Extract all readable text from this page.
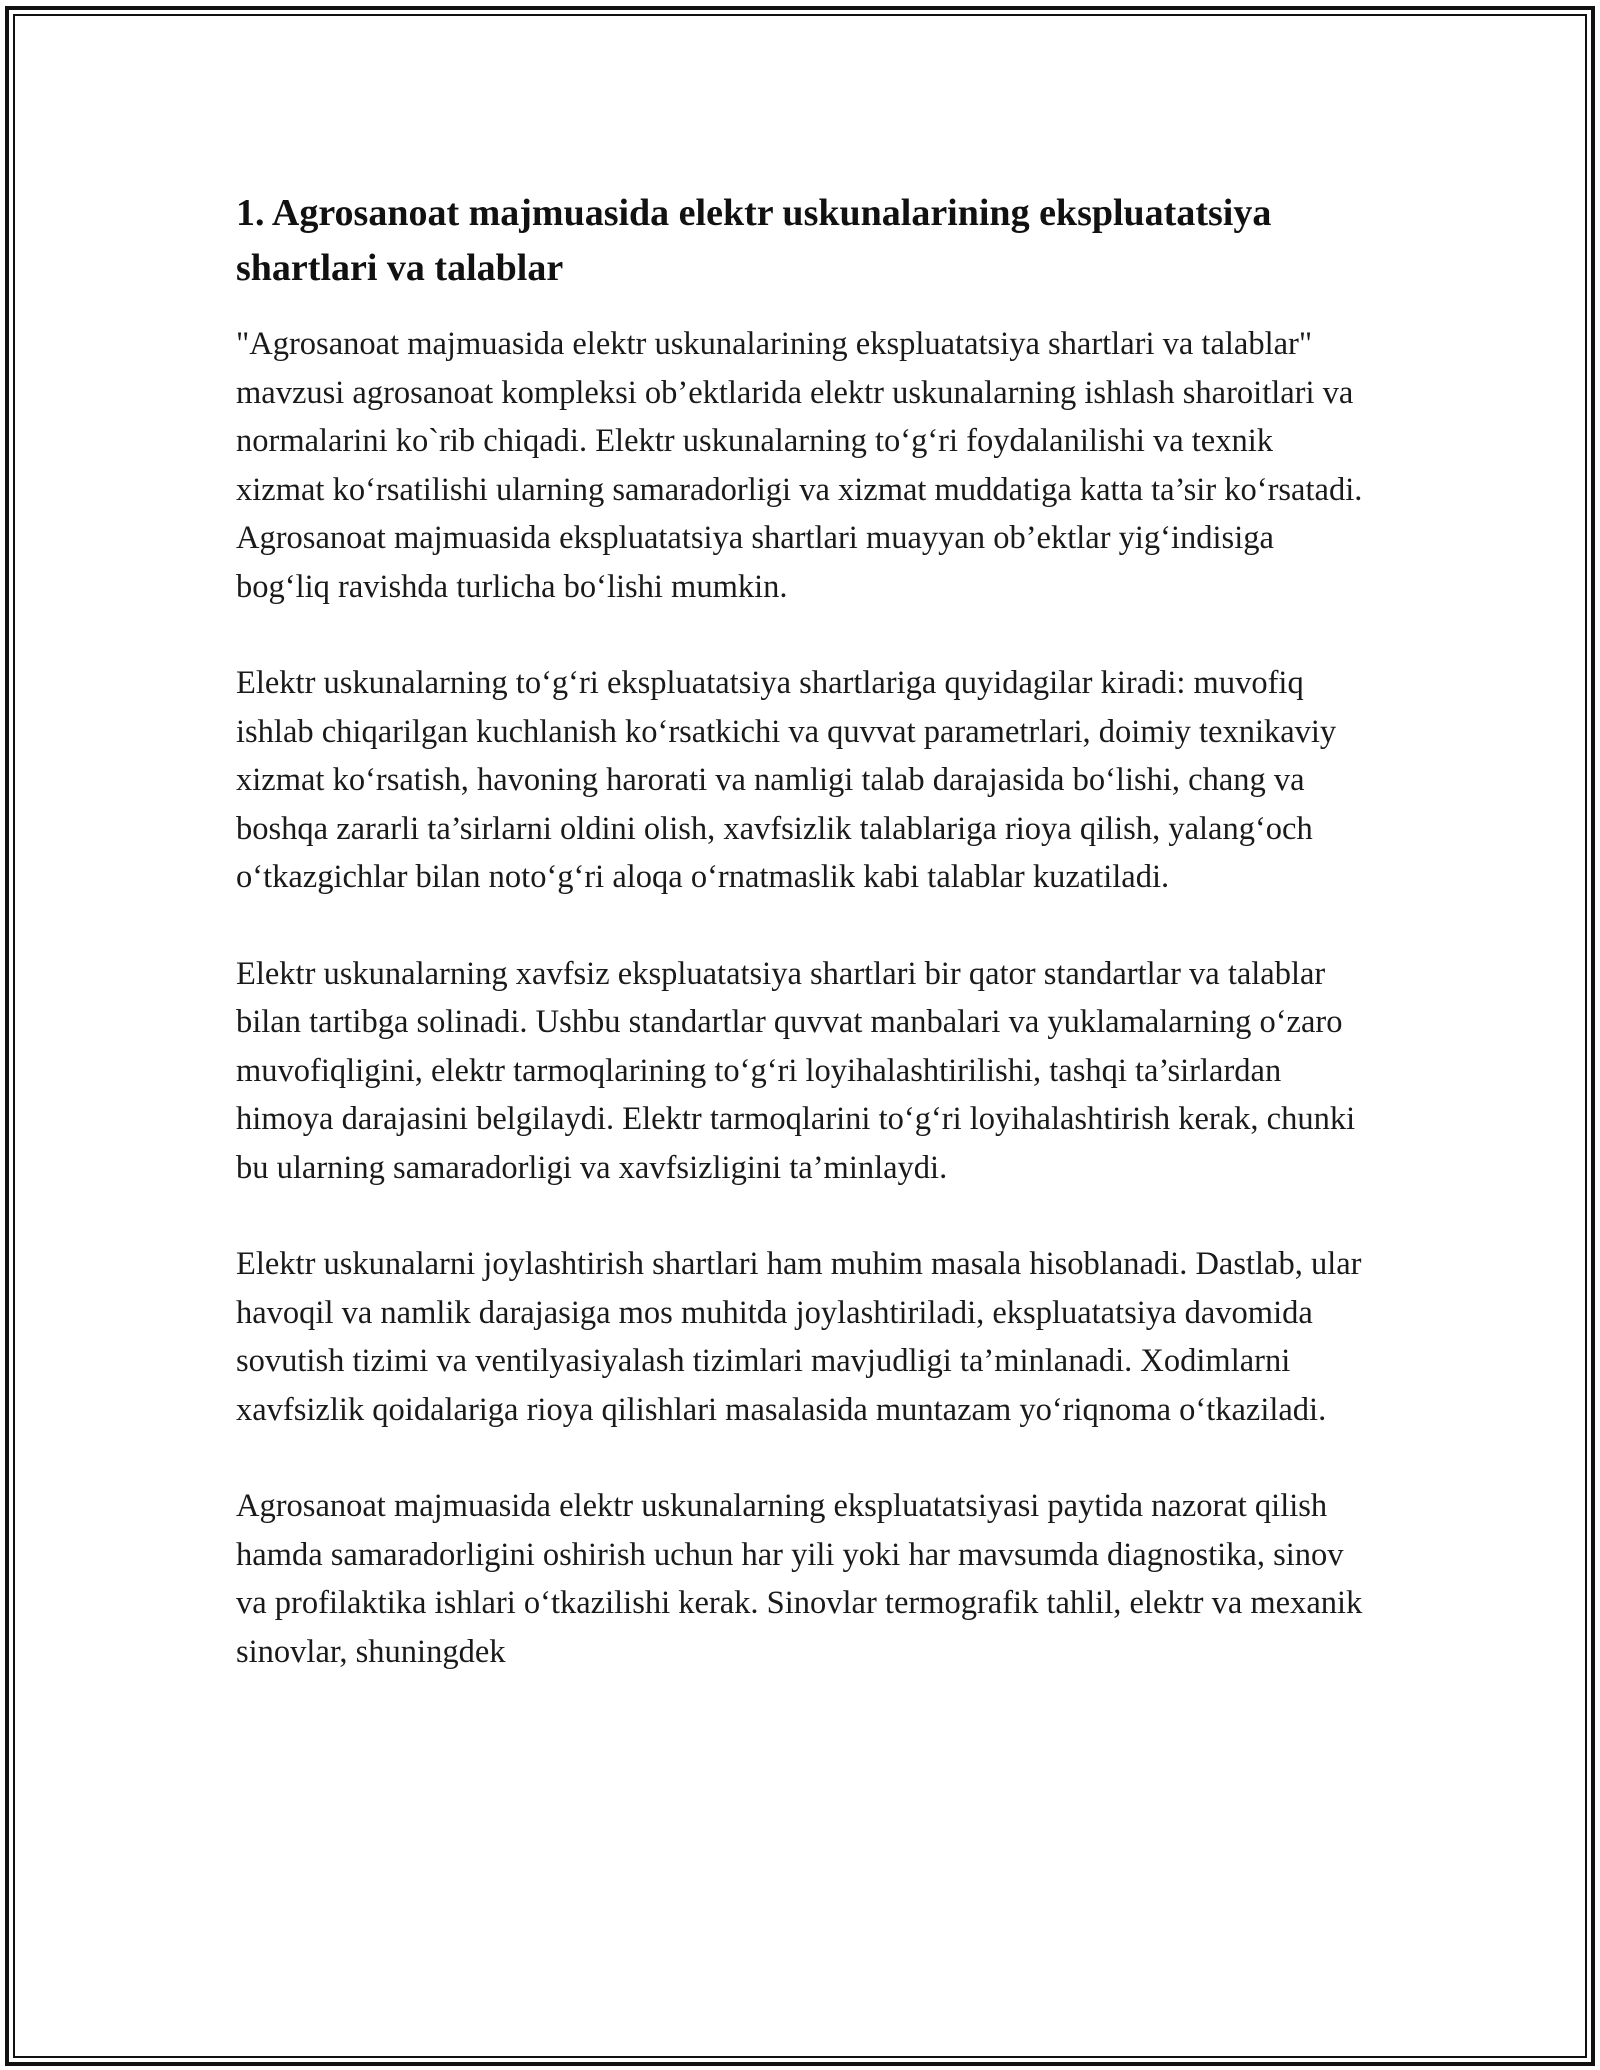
1. Agrosanoat majmuasida elektr uskunalarining ekspluatatsiya shartlari va talablar

"Agrosanoat majmuasida elektr uskunalarining ekspluatatsiya shartlari va talablar" mavzusi agrosanoat kompleksi ob’ektlarida elektr uskunalarning ishlash sharoitlari va normalarini ko`rib chiqadi. Elektr uskunalarning to‘g‘ri foydalanilishi va texnik xizmat ko‘rsatilishi ularning samaradorligi va xizmat muddatiga katta ta’sir ko‘rsatadi. Agrosanoat majmuasida ekspluatatsiya shartlari muayyan ob’ektlar yig‘indisiga bog‘liq ravishda turlicha bo‘lishi mumkin.

Elektr uskunalarning to‘g‘ri ekspluatatsiya shartlariga quyidagilar kiradi: muvofiq ishlab chiqarilgan kuchlanish ko‘rsatkichi va quvvat parametrlari, doimiy texnikaviy xizmat ko‘rsatish, havoning harorati va namligi talab darajasida bo‘lishi, chang va boshqa zararli ta’sirlarni oldini olish, xavfsizlik talablariga rioya qilish, yalang‘och o‘tkazgichlar bilan noto‘g‘ri aloqa o‘rnatmaslik kabi talablar kuzatiladi.

Elektr uskunalarning xavfsiz ekspluatatsiya shartlari bir qator standartlar va talablar bilan tartibga solinadi. Ushbu standartlar quvvat manbalari va yuklamalarning o‘zaro muvofiqligini, elektr tarmoqlarining to‘g‘ri loyihalashtirilishi, tashqi ta’sirlardan himoya darajasini belgilaydi. Elektr tarmoqlarini to‘g‘ri loyihalashtirish kerak, chunki bu ularning samaradorligi va xavfsizligini ta’minlaydi.

Elektr uskunalarni joylashtirish shartlari ham muhim masala hisoblanadi. Dastlab, ular havoqil va namlik darajasiga mos muhitda joylashtiriladi, ekspluatatsiya davomida sovutish tizimi va ventilyasiyalash tizimlari mavjudligi ta’minlanadi. Xodimlarni xavfsizlik qoidalariga rioya qilishlari masalasida muntazam yo‘riqnoma o‘tkaziladi.

Agrosanoat majmuasida elektr uskunalarning ekspluatatsiyasi paytida nazorat qilish hamda samaradorligini oshirish uchun har yili yoki har mavsumda diagnostika, sinov va profilaktika ishlari o‘tkazilishi kerak. Sinovlar termografik tahlil, elektr va mexanik sinovlar, shuningdek
